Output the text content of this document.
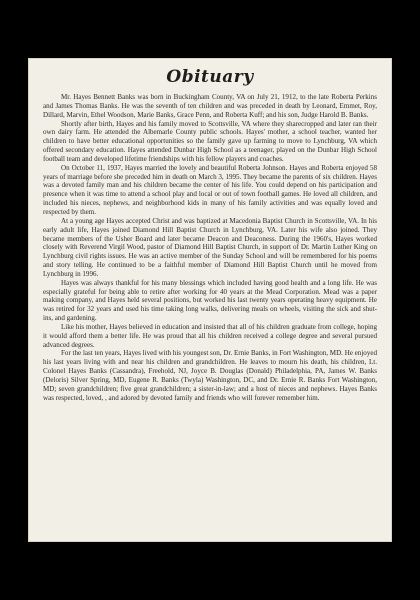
Obituary

Mr. Hayes Bennett Banks was born in Buckingham County, VA on July 21, 1912, to the late Roberta Perkins and James Thomas Banks. He was the seventh of ten children and was preceded in death by Leonard, Emmet, Roy, Dillard, Marvin, Ethel Woodson, Marie Banks, Grace Penn, and Roberta Kuff; and his son, Judge Harold B. Banks.

Shortly after birth, Hayes and his family moved to Scottsville, VA where they sharecropped and later ran their own dairy farm. He attended the Albemarle County public schools. Hayes' mother, a school teacher, wanted her children to have better educational opportunities so the family gave up farming to move to Lynchburg, VA which offered secondary education. Hayes attended Dunbar High School as a teenager, played on the Dunbar High School football team and developed lifetime friendships with his fellow players and coaches.

On October 11, 1937, Hayes married the lovely and beautiful Roberta Johnson. Hayes and Roberta enjoyed 58 years of marriage before she preceded him in death on March 3, 1995. They became the parents of six children. Hayes was a devoted family man and his children became the center of his life. You could depend on his participation and presence when it was time to attend a school play and local or out of town football games. He loved all children, and included his nieces, nephews, and neighborhood kids in many of his family activities and was equally loved and respected by them.

At a young age Hayes accepted Christ and was baptized at Macedonia Baptist Church in Scottsville, VA. In his early adult life, Hayes joined Diamond Hill Baptist Church in Lynchburg, VA. Later his wife also joined. They became members of the Usher Board and later became Deacon and Deaconess. During the 1960's, Hayes worked closely with Reverend Virgil Wood, pastor of Diamond Hill Baptist Church, in support of Dr. Martin Luther King on Lynchburg civil rights issues. He was an active member of the Sunday School and will be remembered for his poems and story telling. He continued to be a faithful member of Diamond Hill Baptist Church until he moved from Lynchburg in 1996.

Hayes was always thankful for his many blessings which included having good health and a long life. He was especially grateful for being able to retire after working for 40 years at the Mead Corporation. Mead was a paper making company, and Hayes held several positions, but worked his last twenty years operating heavy equipment. He was retired for 32 years and used his time taking long walks, delivering meals on wheels, visiting the sick and shut-ins, and gardening.

Like his mother, Hayes believed in education and insisted that all of his children graduate from college, hoping it would afford them a better life. He was proud that all his children received a college degree and several pursued advanced degrees.

For the last ten years, Hayes lived with his youngest son, Dr. Ernie Banks, in Fort Washington, MD. He enjoyed his last years living with and near his children and grandchildren. He leaves to mourn his death, his children, Lt. Colonel Hayes Banks (Cassandra), Freehold, NJ, Joyce B. Douglas (Donald) Philadelphia, PA, James W. Banks (Deloris) Silver Spring, MD, Eugene R. Banks (Twyla) Washington, DC, and Dr. Ernie R. Banks Fort Washington, MD; seven grandchildren; five great grandchildren; a sister-in-law; and a host of nieces and nephews. Hayes Banks was respected, loved, , and adored by devoted family and friends who will forever remember him.
